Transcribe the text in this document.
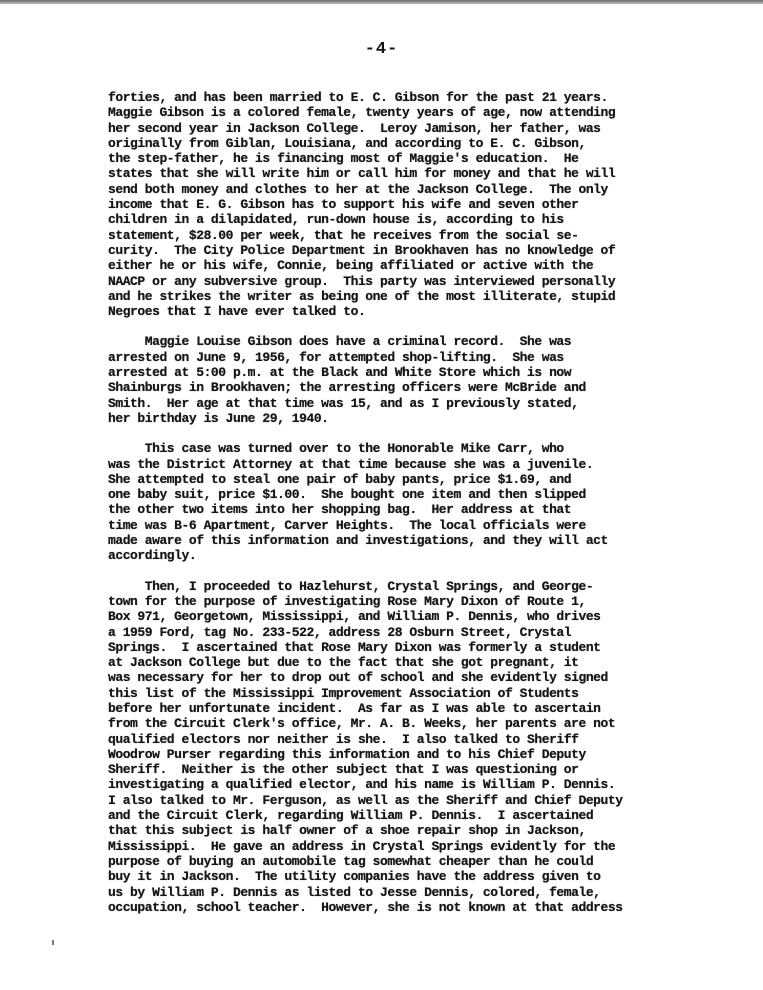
-4-

forties, and has been married to E. C. Gibson for the past 21 years.
Maggie Gibson is a colored female, twenty years of age, now attending
her second year in Jackson College.  Leroy Jamison, her father, was
originally from Giblan, Louisiana, and according to E. C. Gibson,
the step-father, he is financing most of Maggie's education.  He
states that she will write him or call him for money and that he will
send both money and clothes to her at the Jackson College.  The only
income that E. G. Gibson has to support his wife and seven other
children in a dilapidated, run-down house is, according to his
statement, $28.00 per week, that he receives from the social se-
curity.  The City Police Department in Brookhaven has no knowledge of
either he or his wife, Connie, being affiliated or active with the
NAACP or any subversive group.  This party was interviewed personally
and he strikes the writer as being one of the most illiterate, stupid
Negroes that I have ever talked to.

Maggie Louise Gibson does have a criminal record.  She was
arrested on June 9, 1956, for attempted shop-lifting.  She was
arrested at 5:00 p.m. at the Black and White Store which is now
Shainburgs in Brookhaven; the arresting officers were McBride and
Smith.  Her age at that time was 15, and as I previously stated,
her birthday is June 29, 1940.

This case was turned over to the Honorable Mike Carr, who
was the District Attorney at that time because she was a juvenile.
She attempted to steal one pair of baby pants, price $1.69, and
one baby suit, price $1.00.  She bought one item and then slipped
the other two items into her shopping bag.  Her address at that
time was B-6 Apartment, Carver Heights.  The local officials were
made aware of this information and investigations, and they will act
accordingly.

Then, I proceeded to Hazlehurst, Crystal Springs, and George-
town for the purpose of investigating Rose Mary Dixon of Route 1,
Box 971, Georgetown, Mississippi, and William P. Dennis, who drives
a 1959 Ford, tag No. 233-522, address 28 Osburn Street, Crystal
Springs.  I ascertained that Rose Mary Dixon was formerly a student
at Jackson College but due to the fact that she got pregnant, it
was necessary for her to drop out of school and she evidently signed
this list of the Mississippi Improvement Association of Students
before her unfortunate incident.  As far as I was able to ascertain
from the Circuit Clerk's office, Mr. A. B. Weeks, her parents are not
qualified electors nor neither is she.  I also talked to Sheriff
Woodrow Purser regarding this information and to his Chief Deputy
Sheriff.  Neither is the other subject that I was questioning or
investigating a qualified elector, and his name is William P. Dennis.
I also talked to Mr. Ferguson, as well as the Sheriff and Chief Deputy
and the Circuit Clerk, regarding William P. Dennis.  I ascertained
that this subject is half owner of a shoe repair shop in Jackson,
Mississippi.  He gave an address in Crystal Springs evidently for the
purpose of buying an automobile tag somewhat cheaper than he could
buy it in Jackson.  The utility companies have the address given to
us by William P. Dennis as listed to Jesse Dennis, colored, female,
occupation, school teacher.  However, she is not known at that address
